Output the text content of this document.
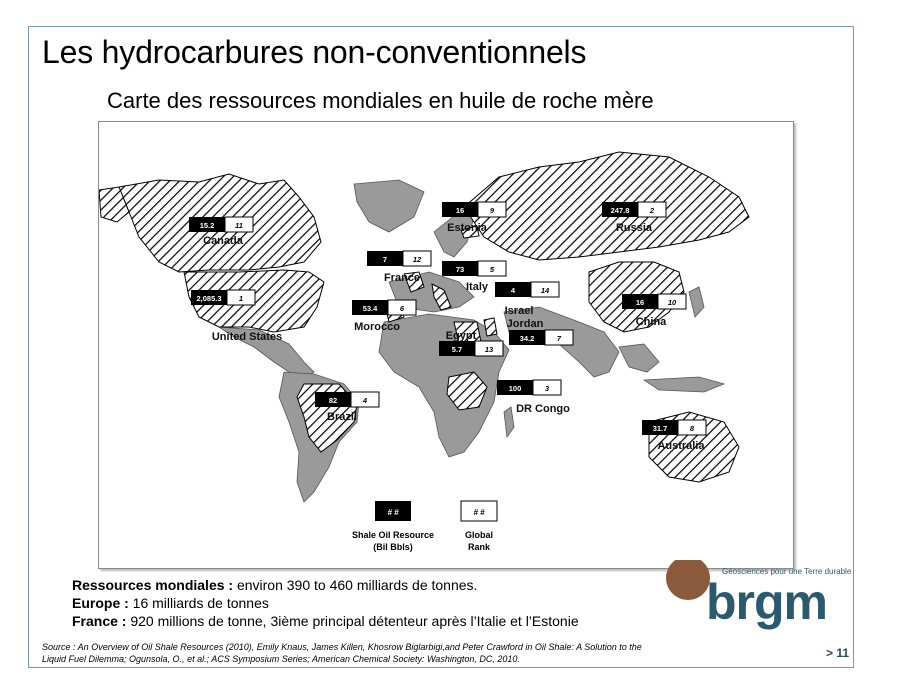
Les hydrocarbures non-conventionnels
Carte des ressources mondiales en huile de roche mère
15.2	11
Canada
2,085.3 1
United States
82	4
Brazil
53.4	6
Morocco
7	12
France
16	9
Estonia
73	5
Italy
5.7	13
Egypt
4	14
Israel
34.2	7
Jordan
247.8	2
Russia
16	10
China
100	3
DR Congo
31.7	8
Australia
# #	# #
Shale Oil Resource
(Bil Bbls)
Global
Rank
Ressources mondiales : environ 390 to 460 milliards de tonnes.
Europe : 16 milliards de tonnes
France : 920 millions de tonne, 3ième principal détenteur après l’Italie et l’Estonie
Géosciences pour une Terre durable
brgm
Source : An Overview of Oil Shale Resources (2010), Emily Knaus, James Killen, Khosrow Biglarbigi,and Peter Crawford in Oil Shale: A Solution to the
Liquid Fuel Dilemma; Ogunsola, O., et al.; ACS Symposium Series; American Chemical Society: Washington, DC, 2010.	> 11
